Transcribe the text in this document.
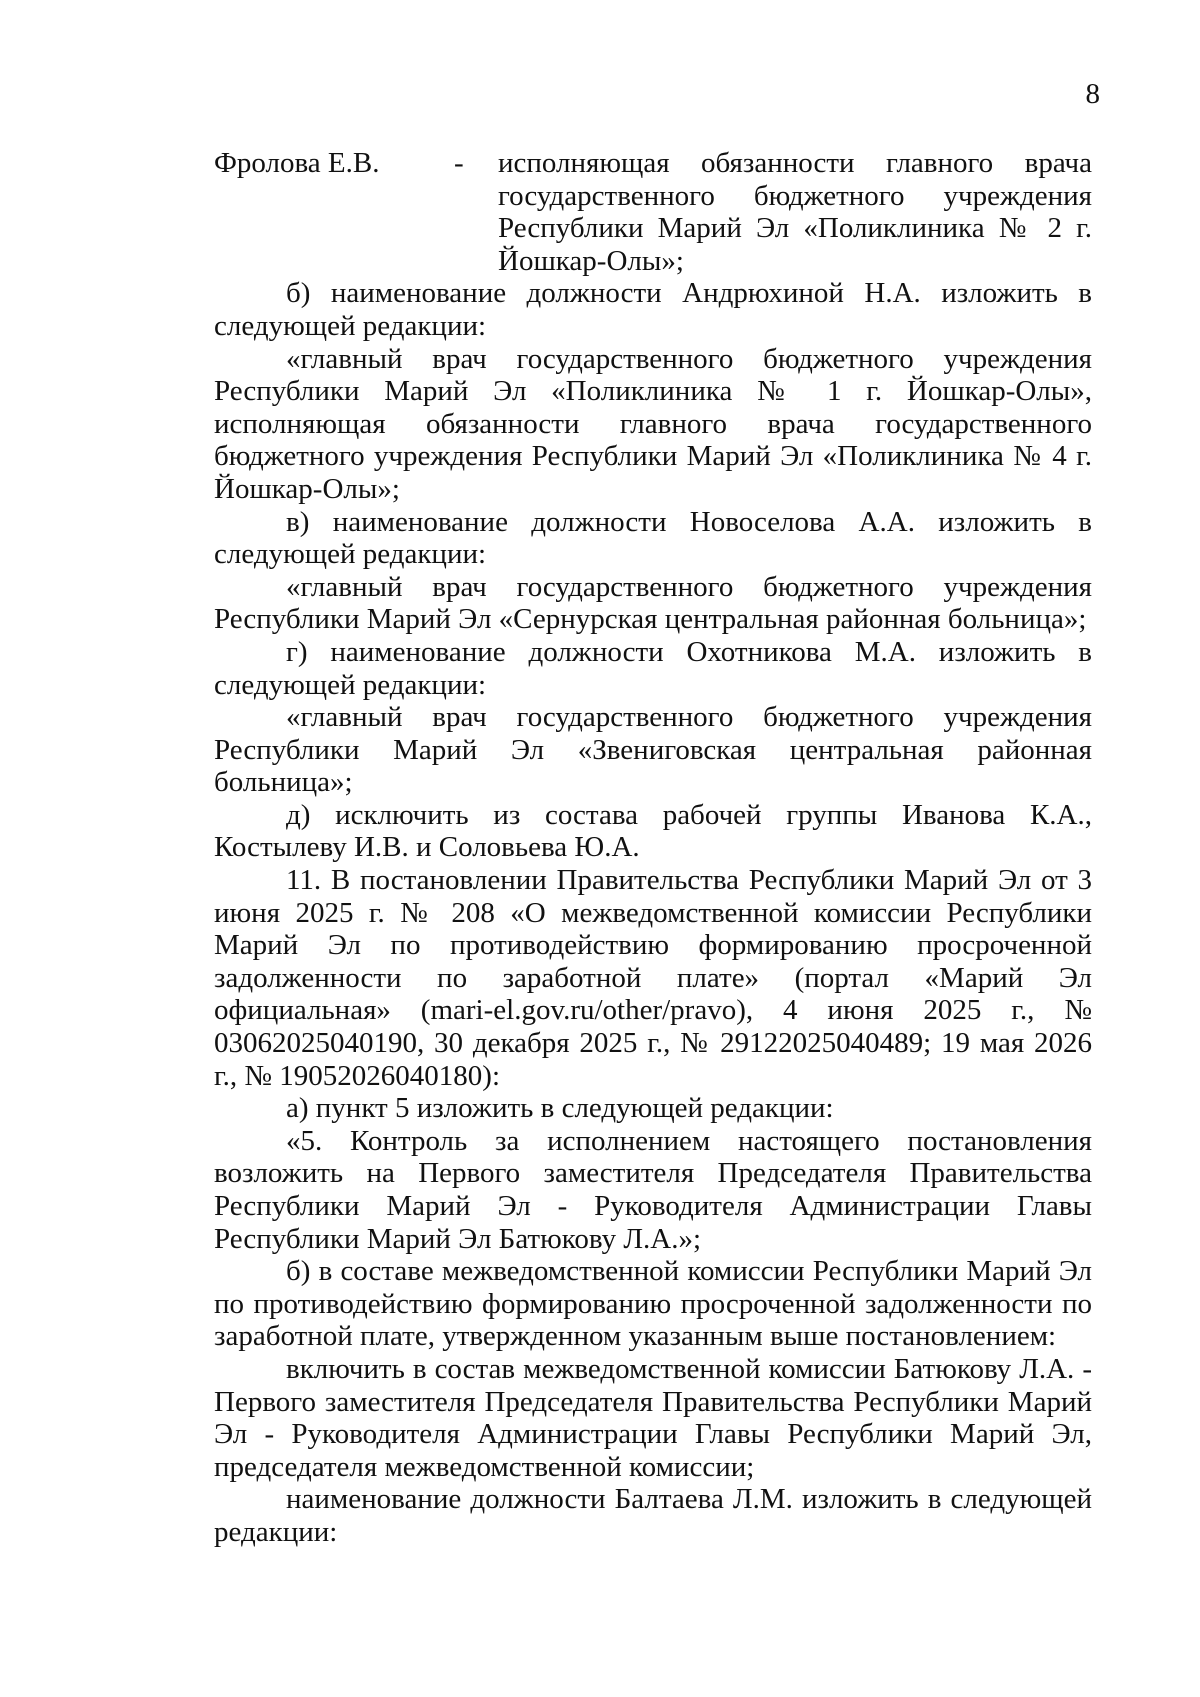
8
Фролова Е.В.	-	исполняющая обязанности главного врача государственного бюджетного учреждения Республики Марий Эл «Поликлиника № 2 г. Йошкар-Олы»;

б) наименование должности Андрюхиной Н.А. изложить в следующей редакции:

«главный врач государственного бюджетного учреждения Республики Марий Эл «Поликлиника № 1 г. Йошкар-Олы», исполняющая обязанности главного врача государственного бюджетного учреждения Республики Марий Эл «Поликлиника № 4 г. Йошкар-Олы»;

в) наименование должности Новоселова А.А. изложить в следующей редакции:

«главный врач государственного бюджетного учреждения Республики Марий Эл «Сернурская центральная районная больница»;

г) наименование должности Охотникова М.А. изложить в следующей редакции:

«главный врач государственного бюджетного учреждения Республики Марий Эл «Звениговская центральная районная больница»;

д) исключить из состава рабочей группы Иванова К.А., Костылеву И.В. и Соловьева Ю.А.

11. В постановлении Правительства Республики Марий Эл от 3 июня 2025 г. № 208 «О межведомственной комиссии Республики Марий Эл по противодействию формированию просроченной задолженности по заработной плате» (портал «Марий Эл официальная» (mari-el.gov.ru/other/pravo), 4 июня 2025 г., № 03062025040190, 30 декабря 2025 г., № 29122025040489; 19 мая 2026 г., № 19052026040180):

а) пункт 5 изложить в следующей редакции:

«5. Контроль за исполнением настоящего постановления возложить на Первого заместителя Председателя Правительства Республики Марий Эл - Руководителя Администрации Главы Республики Марий Эл Батюкову Л.А.»;

б) в составе межведомственной комиссии Республики Марий Эл по противодействию формированию просроченной задолженности по заработной плате, утвержденном указанным выше постановлением:

включить в состав межведомственной комиссии Батюкову Л.А. - Первого заместителя Председателя Правительства Республики Марий Эл - Руководителя Администрации Главы Республики Марий Эл, председателя межведомственной комиссии;

наименование должности Балтаева Л.М. изложить в следующей редакции:
